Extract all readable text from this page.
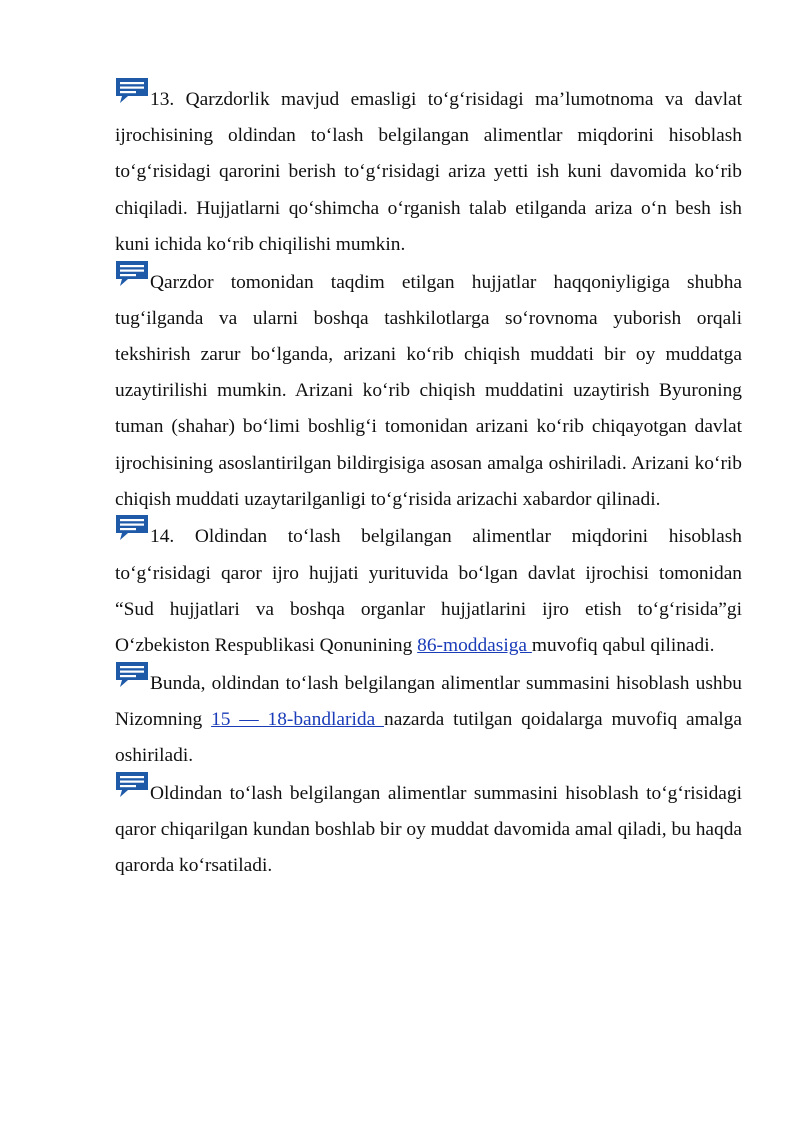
13. Qarzdorlik mavjud emasligi to‘g‘risidagi ma’lumotnoma va davlat ijrochisining oldindan to‘lash belgilangan alimentlar miqdorini hisoblash to‘g‘risidagi qarorini berish to‘g‘risidagi ariza yetti ish kuni davomida ko‘rib chiqiladi. Hujjatlarni qo‘shimcha o‘rganish talab etilganda ariza o‘n besh ish kuni ichida ko‘rib chiqilishi mumkin.

Qarzdor tomonidan taqdim etilgan hujjatlar haqqoniyligiga shubha tug‘ilganda va ularni boshqa tashkilotlarga so‘rovnoma yuborish orqali tekshirish zarur bo‘lganda, arizani ko‘rib chiqish muddati bir oy muddatga uzaytirilishi mumkin. Arizani ko‘rib chiqish muddatini uzaytirish Byuroning tuman (shahar) bo‘limi boshlig‘i tomonidan arizani ko‘rib chiqayotgan davlat ijrochisining asoslantirilgan bildirgisiga asosan amalga oshiriladi. Arizani ko‘rib chiqish muddati uzaytarilganligi to‘g‘risida arizachi xabardor qilinadi.

14. Oldindan to‘lash belgilangan alimentlar miqdorini hisoblash to‘g‘risidagi qaror ijro hujjati yurituvida bo‘lgan davlat ijrochisi tomonidan “Sud hujjatlari va boshqa organlar hujjatlarini ijro etish to‘g‘risida”gi O‘zbekiston Respublikasi Qonunining 86-moddasiga muvofiq qabul qilinadi.

Bunda, oldindan to‘lash belgilangan alimentlar summasini hisoblash ushbu Nizomning 15 — 18-bandlarida nazarda tutilgan qoidalarga muvofiq amalga oshiriladi.

Oldindan to‘lash belgilangan alimentlar summasini hisoblash to‘g‘risidagi qaror chiqarilgan kundan boshlab bir oy muddat davomida amal qiladi, bu haqda qarorda ko‘rsatiladi.
